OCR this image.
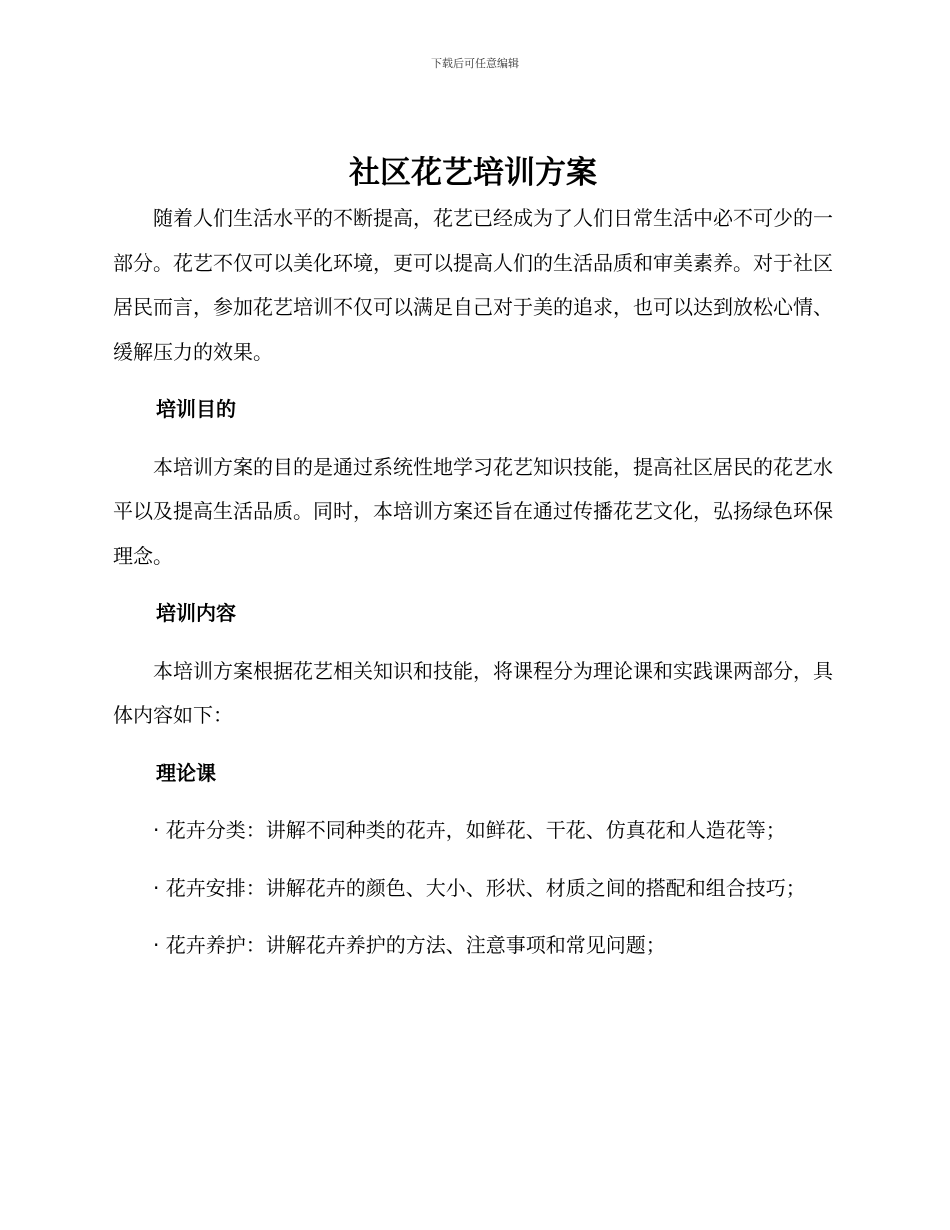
下载后可任意编辑
社区花艺培训方案

随着人们生活水平的不断提高，花艺已经成为了人们日常生活中必不可少的一部分。花艺不仅可以美化环境，更可以提高人们的生活品质和审美素养。对于社区居民而言，参加花艺培训不仅可以满足自己对于美的追求，也可以达到放松心情、缓解压力的效果。

培训目的

本培训方案的目的是通过系统性地学习花艺知识技能，提高社区居民的花艺水平以及提高生活品质。同时，本培训方案还旨在通过传播花艺文化，弘扬绿色环保理念。

培训内容

本培训方案根据花艺相关知识和技能，将课程分为理论课和实践课两部分，具体内容如下：

理论课

· 花卉分类：讲解不同种类的花卉，如鲜花、干花、仿真花和人造花等；

· 花卉安排：讲解花卉的颜色、大小、形状、材质之间的搭配和组合技巧；

· 花卉养护：讲解花卉养护的方法、注意事项和常见问题；
